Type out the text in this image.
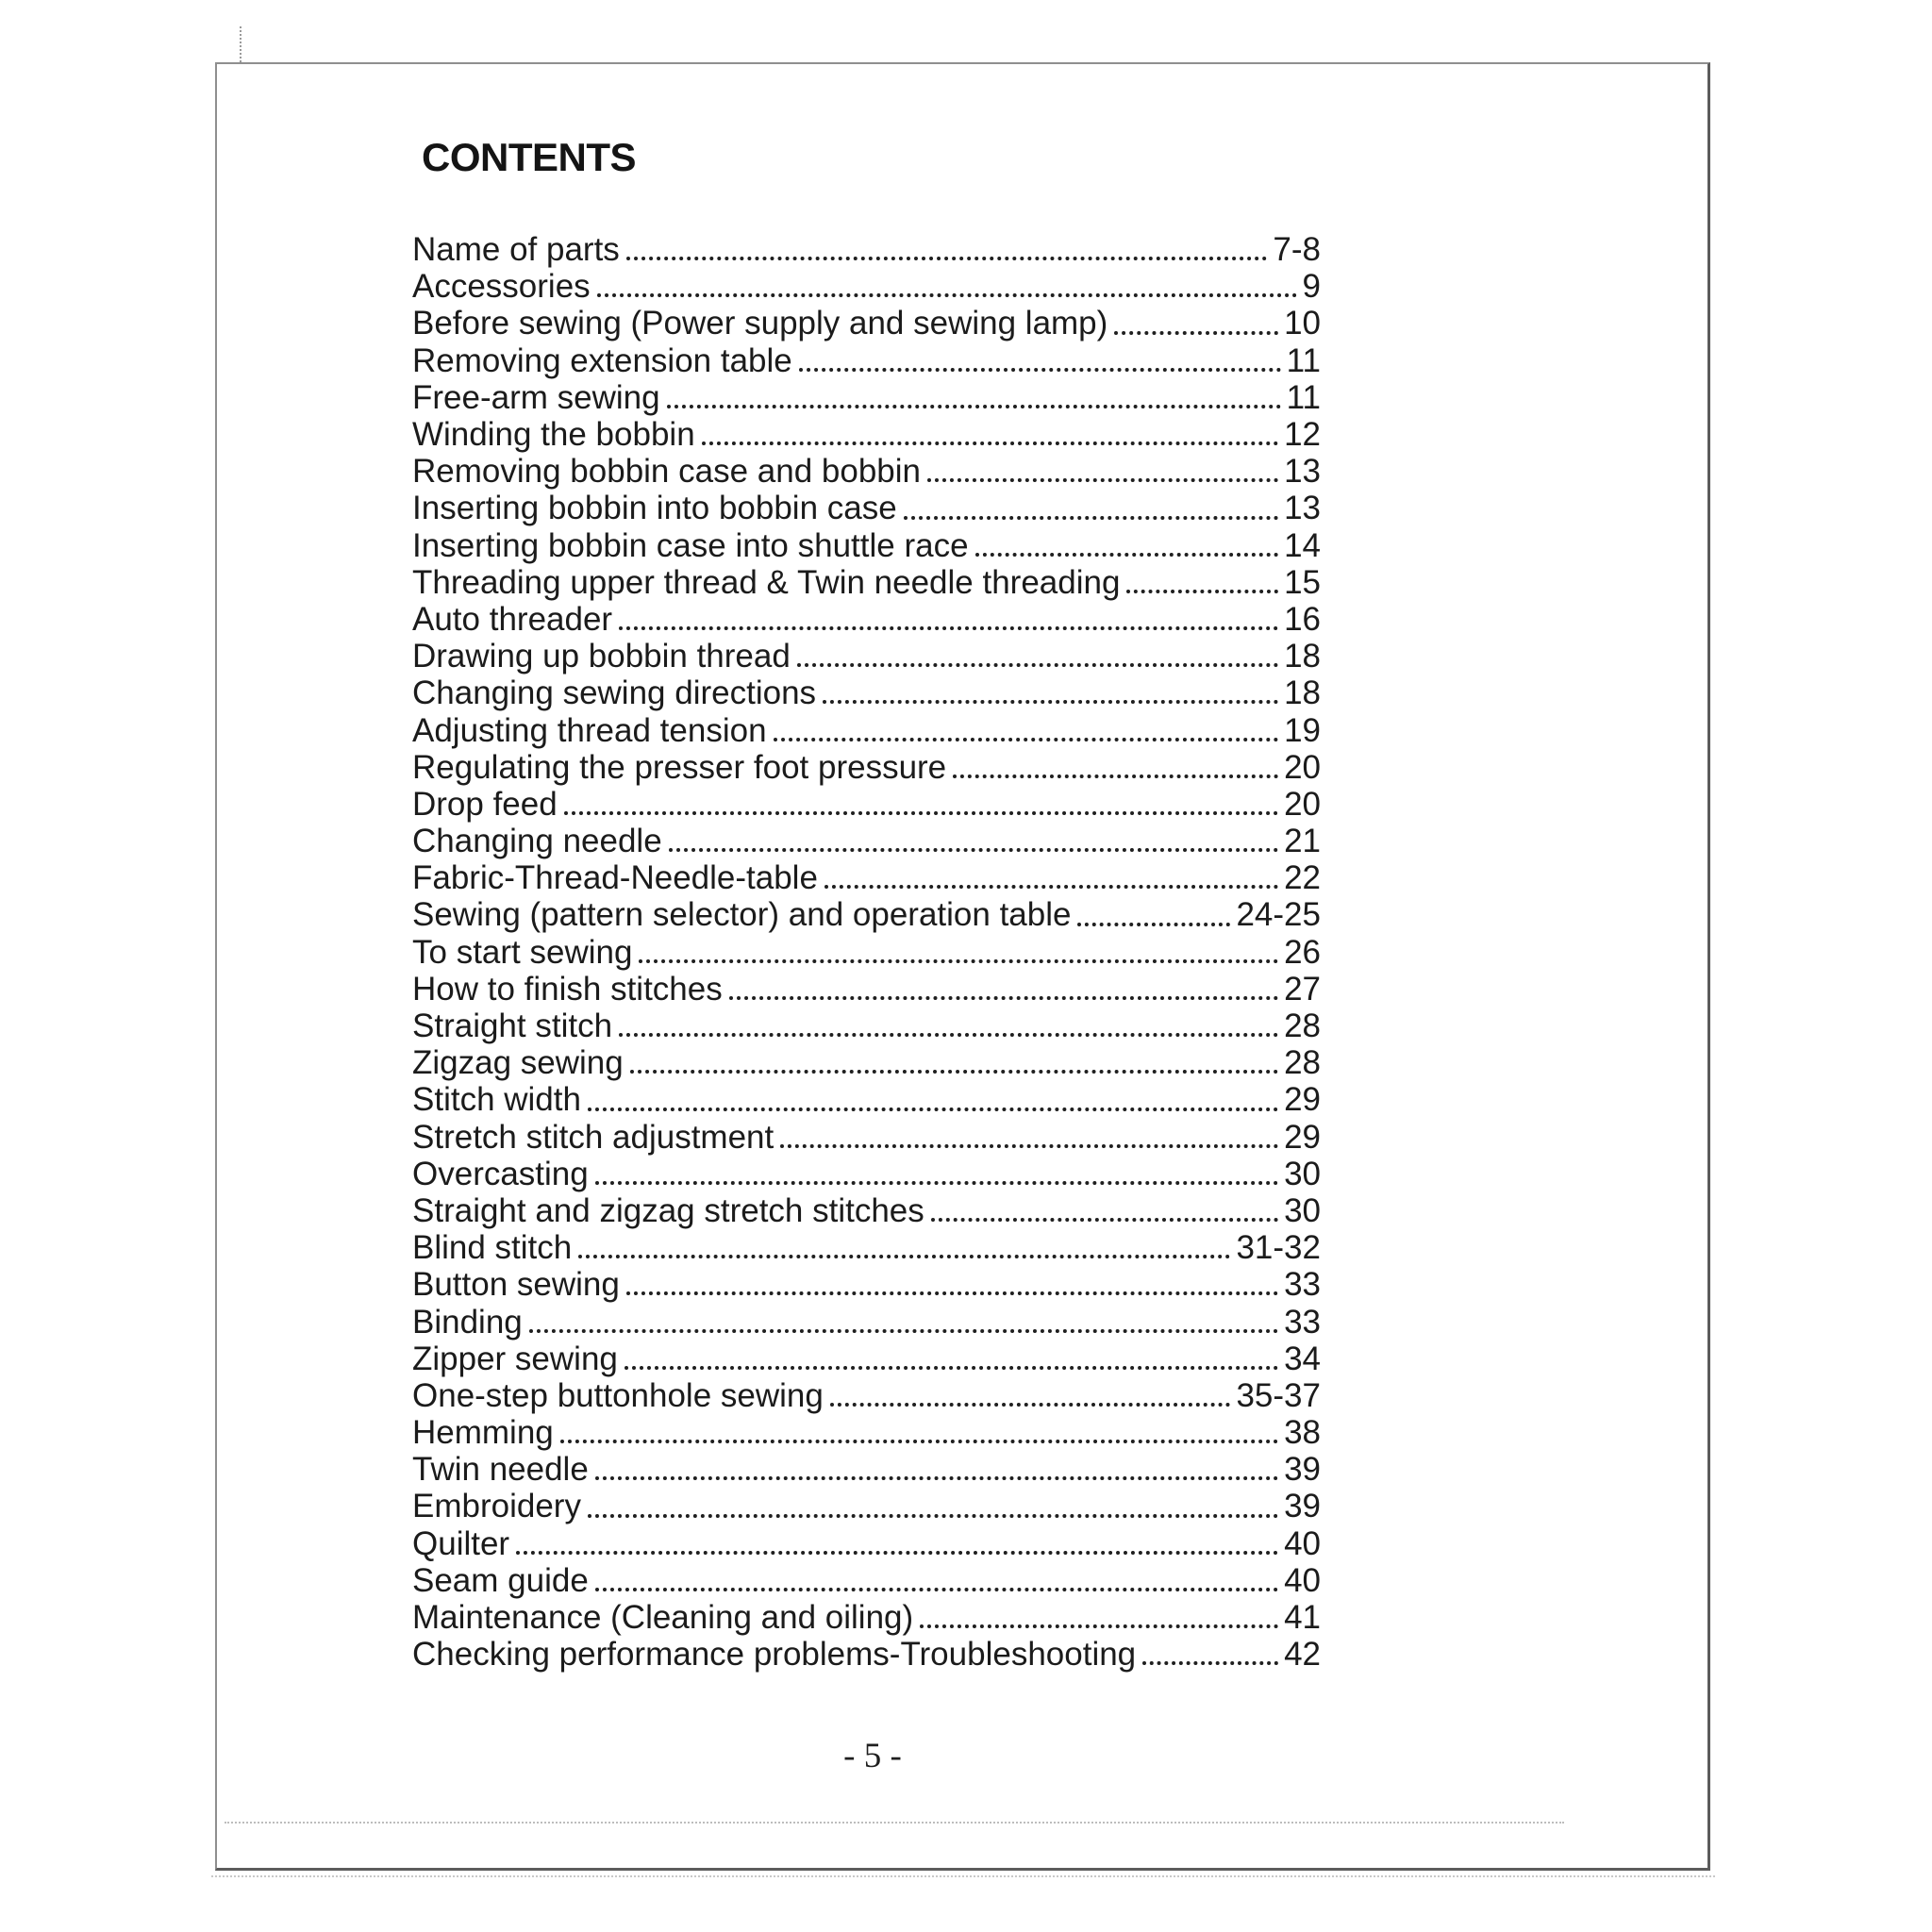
CONTENTS
Name of parts	7-8
Accessories	9
Before sewing (Power supply and sewing lamp)	10
Removing extension table	11
Free-arm sewing	11
Winding the bobbin	12
Removing bobbin case and bobbin	13
Inserting bobbin into bobbin case	13
Inserting bobbin case into shuttle race	14
Threading upper thread & Twin needle threading	15
Auto threader	16
Drawing up bobbin thread	18
Changing sewing directions	18
Adjusting thread tension	19
Regulating the presser foot pressure	20
Drop feed	20
Changing needle	21
Fabric-Thread-Needle-table	22
Sewing (pattern selector) and operation table	24-25
To start sewing	26
How to finish stitches	27
Straight stitch	28
Zigzag sewing	28
Stitch width	29
Stretch stitch adjustment	29
Overcasting	30
Straight and zigzag stretch stitches	30
Blind stitch	31-32
Button sewing	33
Binding	33
Zipper sewing	34
One-step buttonhole sewing	35-37
Hemming	38
Twin needle	39
Embroidery	39
Quilter	40
Seam guide	40
Maintenance (Cleaning and oiling)	41
Checking performance problems-Troubleshooting	42
- 5 -
